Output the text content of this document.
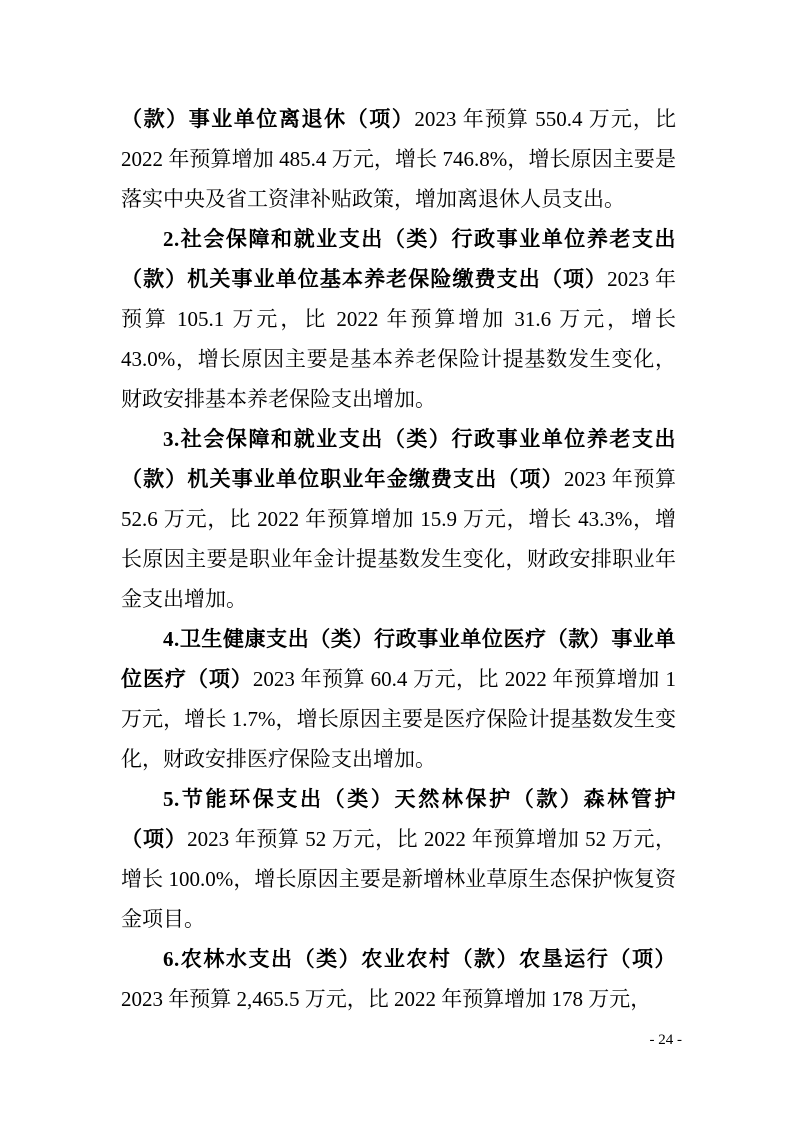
（款）事业单位离退休（项）2023 年预算 550.4 万元，比 2022 年预算增加 485.4 万元，增长 746.8%，增长原因主要是落实中央及省工资津补贴政策，增加离退休人员支出。

2.社会保障和就业支出（类）行政事业单位养老支出（款）机关事业单位基本养老保险缴费支出（项）2023 年预算 105.1 万元，比 2022 年预算增加 31.6 万元，增长 43.0%，增长原因主要是基本养老保险计提基数发生变化，财政安排基本养老保险支出增加。

3.社会保障和就业支出（类）行政事业单位养老支出（款）机关事业单位职业年金缴费支出（项）2023 年预算 52.6 万元，比 2022 年预算增加 15.9 万元，增长 43.3%，增长原因主要是职业年金计提基数发生变化，财政安排职业年金支出增加。

4.卫生健康支出（类）行政事业单位医疗（款）事业单位医疗（项）2023 年预算 60.4 万元，比 2022 年预算增加 1 万元，增长 1.7%，增长原因主要是医疗保险计提基数发生变化，财政安排医疗保险支出增加。

5.节能环保支出（类）天然林保护（款）森林管护（项）2023 年预算 52 万元，比 2022 年预算增加 52 万元，增长 100.0%，增长原因主要是新增林业草原生态保护恢复资金项目。

6.农林水支出（类）农业农村（款）农垦运行（项）2023 年预算 2,465.5 万元，比 2022 年预算增加 178 万元，

- 24 -
